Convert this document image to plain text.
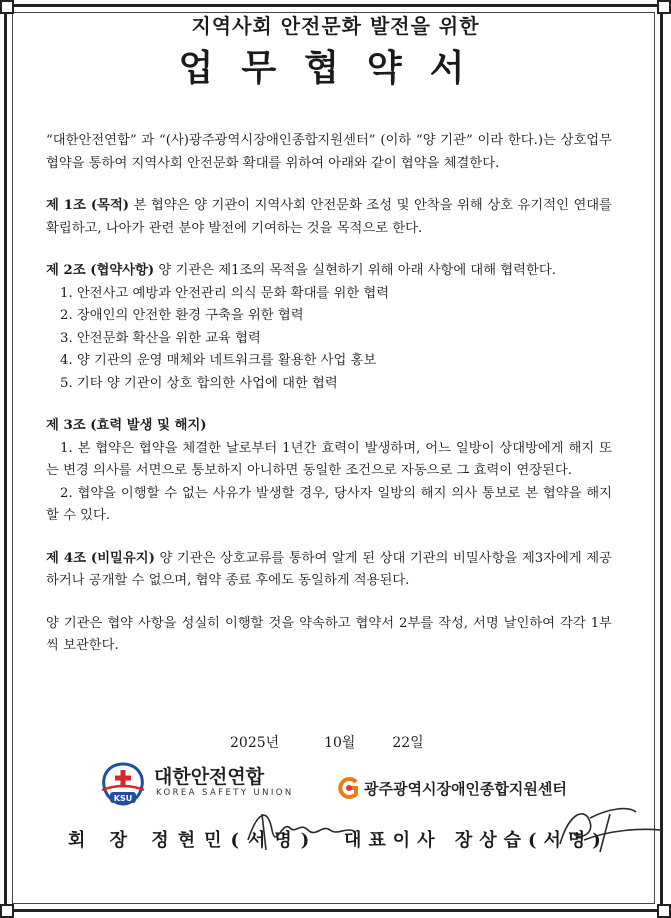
지역사회 안전문화 발전을 위한
업무협약서

“대한안전연합” 과 “(사)광주광역시장애인종합지원센터” (이하 “양 기관” 이라 한다.)는 상호업무협약을 통하여 지역사회 안전문화 확대를 위하여 아래와 같이 협약을 체결한다.

제 1조 (목적) 본 협약은 양 기관이 지역사회 안전문화 조성 및 안착을 위해 상호 유기적인 연대를 확립하고, 나아가 관련 분야 발전에 기여하는 것을 목적으로 한다.
제 2조 (협약사항) 양 기관은 제1조의 목적을 실현하기 위해 아래 사항에 대해 협력한다.

1. 안전사고 예방과 안전관리 의식 문화 확대를 위한 협력

2. 장애인의 안전한 환경 구축을 위한 협력

3. 안전문화 확산을 위한 교육 협력

4. 양 기관의 운영 매체와 네트워크를 활용한 사업 홍보

5. 기타 양 기관이 상호 합의한 사업에 대한 협력

제 3조 (효력 발생 및 해지)

1. 본 협약은 협약을 체결한 날로부터 1년간 효력이 발생하며, 어느 일방이 상대방에게 해지 또는 변경 의사를 서면으로 통보하지 아니하면 동일한 조건으로 자동으로 그 효력이 연장된다.

2. 협약을 이행할 수 없는 사유가 발생할 경우, 당사자 일방의 해지 의사 통보로 본 협약을 해지할 수 있다.

제 4조 (비밀유지) 양 기관은 상호교류를 통하여 알게 된 상대 기관의 비밀사항을 제3자에게 제공하거나 공개할 수 없으며, 협약 종료 후에도 동일하게 적용된다.

양 기관은 협약 사항을 성실히 이행할 것을 약속하고 협약서 2부를 작성, 서명 날인하여 각각 1부씩 보관한다.

2025년	10월	22일
KSU
대한안전연합
KOREA SAFETY UNION	광주광역시장애인종합지원센터
회 장 정현민(서명) 대표이사 장상습(서명)
